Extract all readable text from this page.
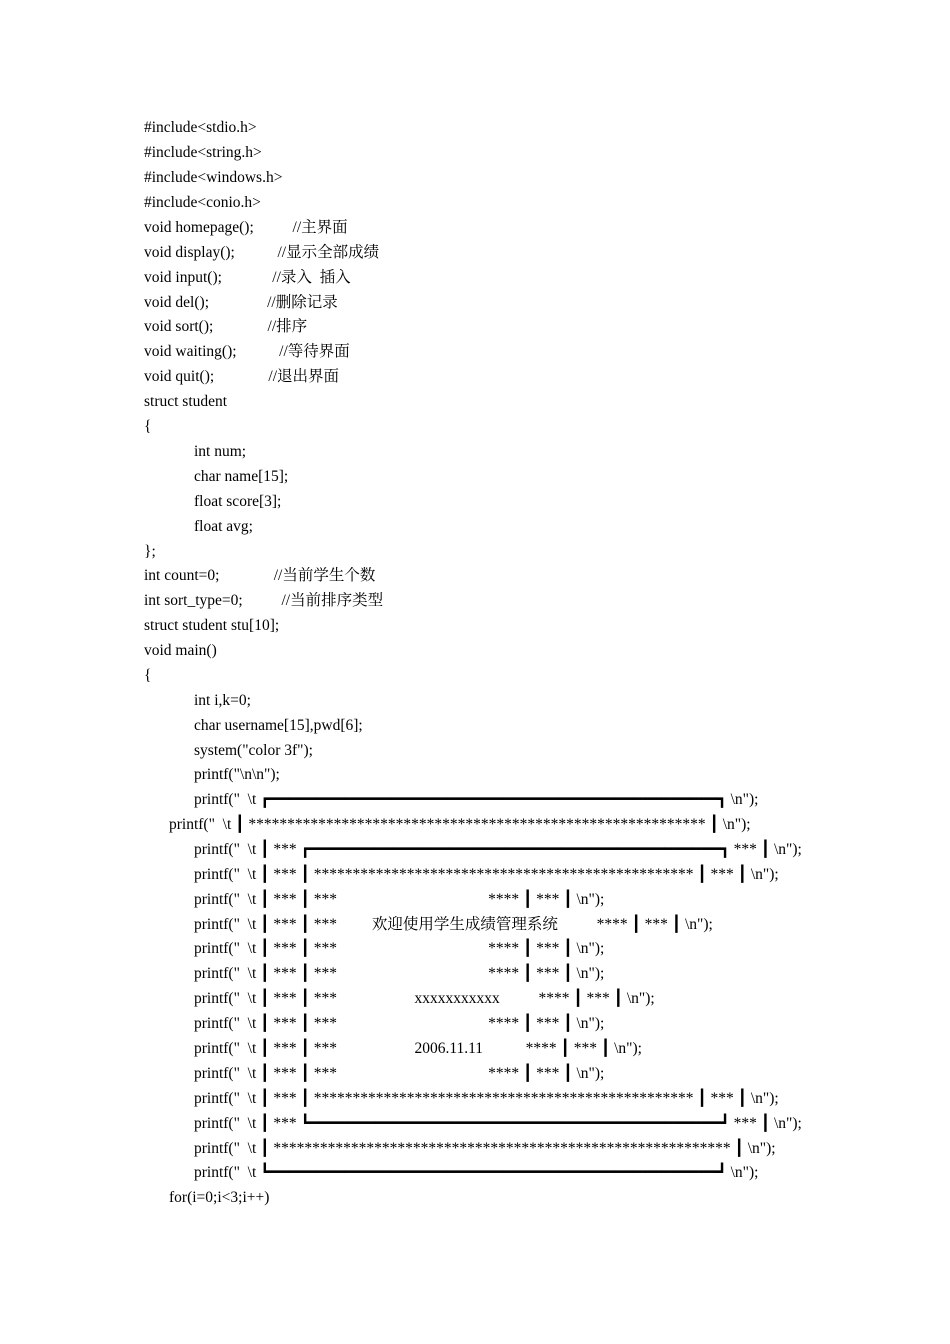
#include<stdio.h>
#include<string.h>
#include<windows.h>
#include<conio.h>
void homepage();          //主界面
void display();           //显示全部成绩
void input();             //录入  插入
void del();               //删除记录
void sort();              //排序
void waiting();           //等待界面
void quit();              //退出界面
struct student
{
int num;
char name[15];
float score[3];
float avg;
};
int count=0;              //当前学生个数
int sort_type=0;          //当前排序类型
struct student stu[10];
void main()
{
int i,k=0;
char username[15],pwd[6];
system("color 3f");
printf("\n\n");
printf("  \t ┏━━━━━━━━━━━━━━━━━━━━━━━━━━━━━━━━━━━━━━━━━━━━━━━━┓ \n");
printf("  \t ┃ *********************************************************** ┃ \n");
printf("  \t ┃ *** ┏━━━━━━━━━━━━━━━━━━━━━━━━━━━━━━━━━━━━━━━━━━━━┓ *** ┃ \n");
printf("  \t ┃ *** ┃ ************************************************* ┃ *** ┃ \n");
printf("  \t ┃ *** ┃ ***                                       **** ┃ *** ┃ \n");
printf("  \t ┃ *** ┃ ***         欢迎使用学生成绩管理系统          **** ┃ *** ┃ \n");
printf("  \t ┃ *** ┃ ***                                       **** ┃ *** ┃ \n");
printf("  \t ┃ *** ┃ ***                                       **** ┃ *** ┃ \n");
printf("  \t ┃ *** ┃ ***                    xxxxxxxxxxx          **** ┃ *** ┃ \n");
printf("  \t ┃ *** ┃ ***                                       **** ┃ *** ┃ \n");
printf("  \t ┃ *** ┃ ***                    2006.11.11           **** ┃ *** ┃ \n");
printf("  \t ┃ *** ┃ ***                                       **** ┃ *** ┃ \n");
printf("  \t ┃ *** ┃ ************************************************* ┃ *** ┃ \n");
printf("  \t ┃ *** ┗━━━━━━━━━━━━━━━━━━━━━━━━━━━━━━━━━━━━━━━━━━━━┛ *** ┃ \n");
printf("  \t ┃ *********************************************************** ┃ \n");
printf("  \t ┗━━━━━━━━━━━━━━━━━━━━━━━━━━━━━━━━━━━━━━━━━━━━━━━━┛ \n");
for(i=0;i<3;i++)
